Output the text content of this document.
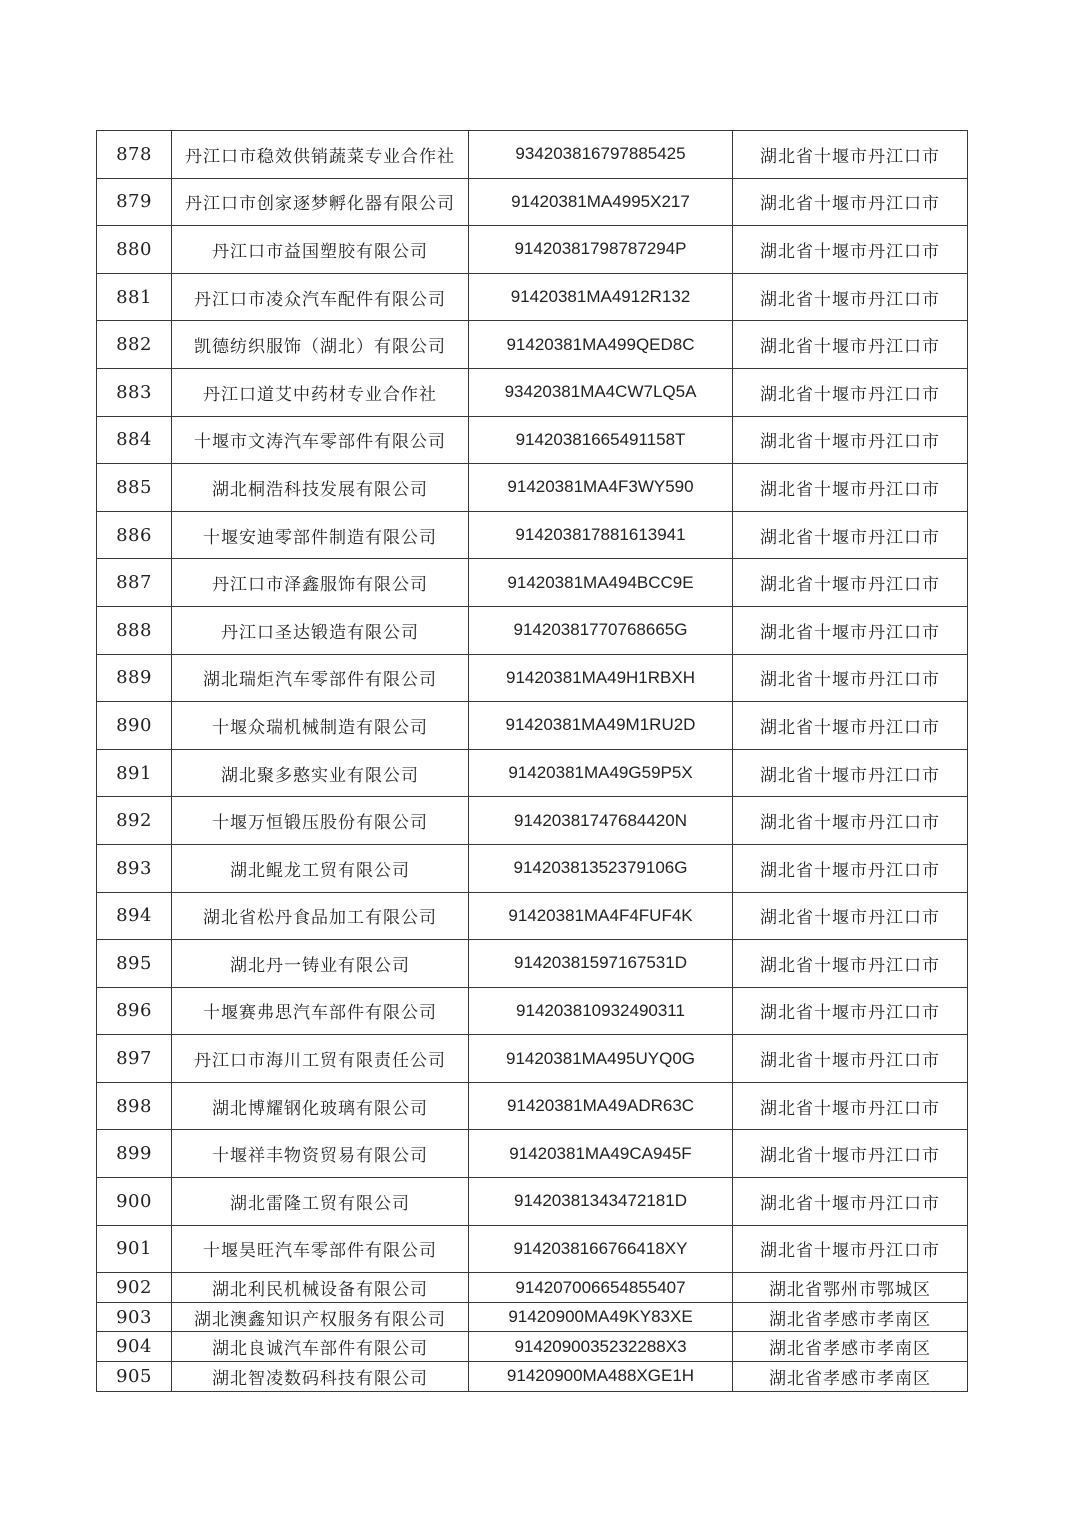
878	丹江口市稳效供销蔬菜专业合作社	934203816797885425	湖北省十堰市丹江口市
879	丹江口市创家逐梦孵化器有限公司	91420381MA4995X217	湖北省十堰市丹江口市
880	丹江口市益国塑胶有限公司	91420381798787294P	湖北省十堰市丹江口市
881	丹江口市凌众汽车配件有限公司	91420381MA4912R132	湖北省十堰市丹江口市
882	凯德纺织服饰（湖北）有限公司	91420381MA499QED8C	湖北省十堰市丹江口市
883	丹江口道艾中药材专业合作社	93420381MA4CW7LQ5A	湖北省十堰市丹江口市
884	十堰市文涛汽车零部件有限公司	91420381665491158T	湖北省十堰市丹江口市
885	湖北桐浩科技发展有限公司	91420381MA4F3WY590	湖北省十堰市丹江口市
886	十堰安迪零部件制造有限公司	914203817881613941	湖北省十堰市丹江口市
887	丹江口市泽鑫服饰有限公司	91420381MA494BCC9E	湖北省十堰市丹江口市
888	丹江口圣达锻造有限公司	91420381770768665G	湖北省十堰市丹江口市
889	湖北瑞炬汽车零部件有限公司	91420381MA49H1RBXH	湖北省十堰市丹江口市
890	十堰众瑞机械制造有限公司	91420381MA49M1RU2D	湖北省十堰市丹江口市
891	湖北聚多憨实业有限公司	91420381MA49G59P5X	湖北省十堰市丹江口市
892	十堰万恒锻压股份有限公司	91420381747684420N	湖北省十堰市丹江口市
893	湖北鲲龙工贸有限公司	91420381352379106G	湖北省十堰市丹江口市
894	湖北省松丹食品加工有限公司	91420381MA4F4FUF4K	湖北省十堰市丹江口市
895	湖北丹一铸业有限公司	91420381597167531D	湖北省十堰市丹江口市
896	十堰赛弗思汽车部件有限公司	914203810932490311	湖北省十堰市丹江口市
897	丹江口市海川工贸有限责任公司	91420381MA495UYQ0G	湖北省十堰市丹江口市
898	湖北博耀钢化玻璃有限公司	91420381MA49ADR63C	湖北省十堰市丹江口市
899	十堰祥丰物资贸易有限公司	91420381MA49CA945F	湖北省十堰市丹江口市
900	湖北雷隆工贸有限公司	91420381343472181D	湖北省十堰市丹江口市
901	十堰昊旺汽车零部件有限公司	9142038166766418XY	湖北省十堰市丹江口市
902	湖北利民机械设备有限公司	914207006654855407	湖北省鄂州市鄂城区
903	湖北澳鑫知识产权服务有限公司	91420900MA49KY83XE	湖北省孝感市孝南区
904	湖北良诚汽车部件有限公司	9142090035232288X3	湖北省孝感市孝南区
905	湖北智凌数码科技有限公司	91420900MA488XGE1H	湖北省孝感市孝南区
